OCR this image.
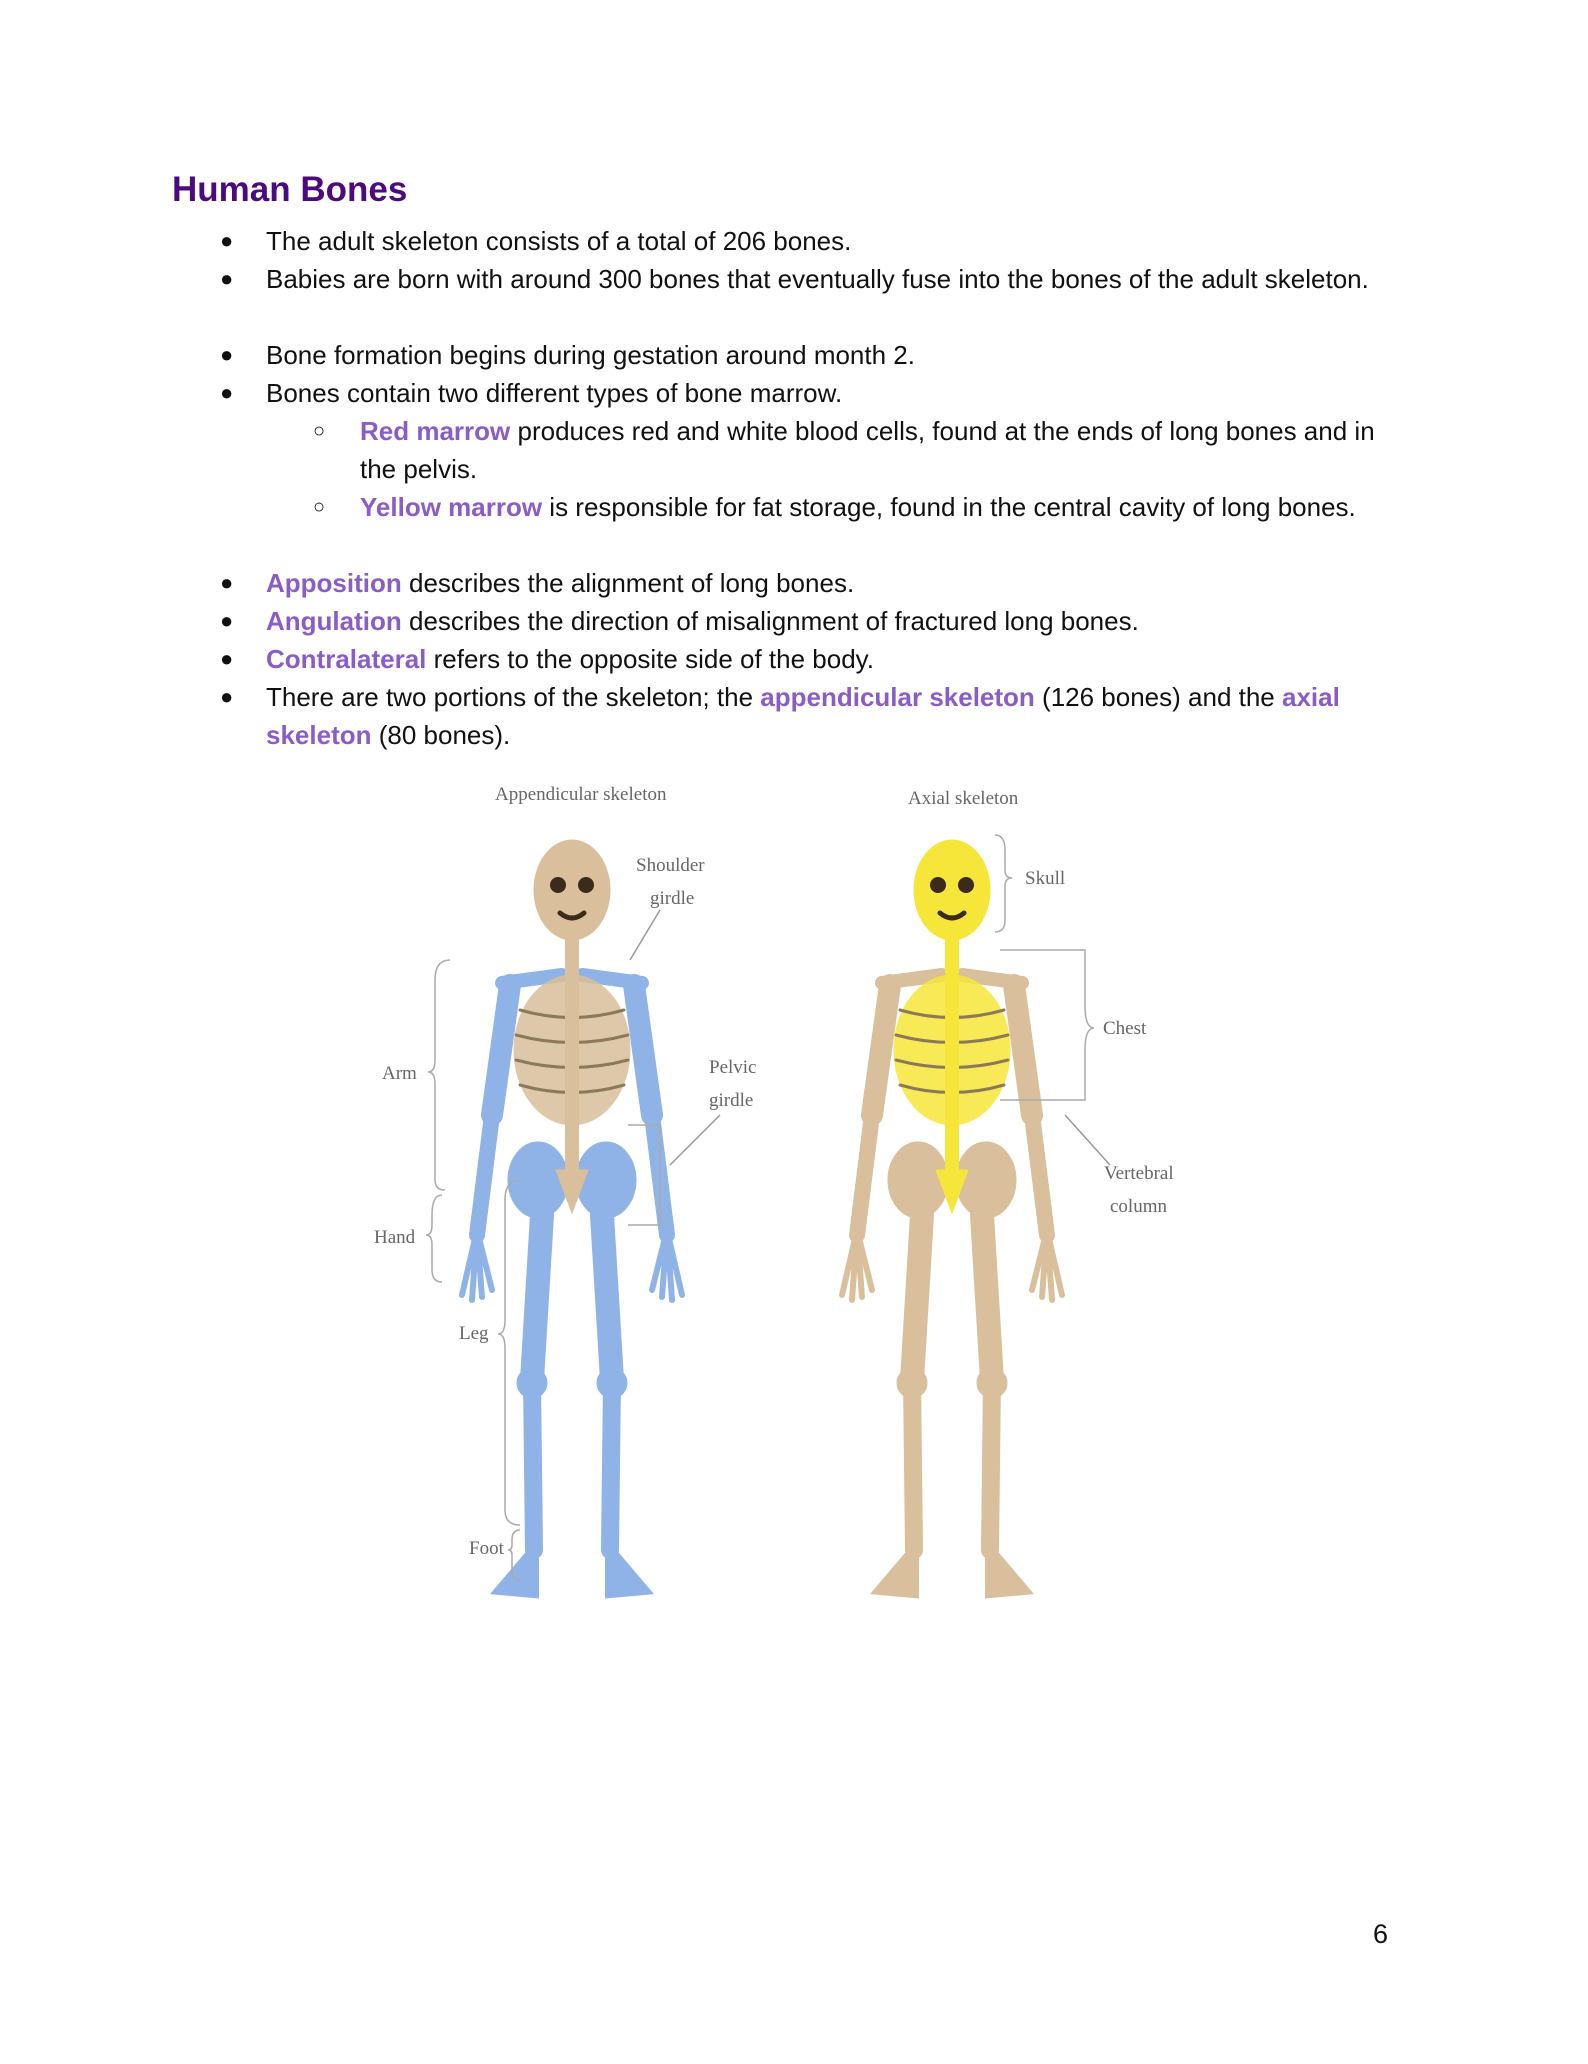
Human Bones
● The adult skeleton consists of a total of 206 bones.
● Babies are born with around 300 bones that eventually fuse into the bones of the adult skeleton.
● Bone formation begins during gestation around month 2.
● Bones contain two different types of bone marrow.
○ Red marrow produces red and white blood cells, found at the ends of long bones and in the pelvis.
○ Yellow marrow is responsible for fat storage, found in the central cavity of long bones.
● Apposition describes the alignment of long bones.
● Angulation describes the direction of misalignment of fractured long bones.
● Contralateral refers to the opposite side of the body.
● There are two portions of the skeleton; the appendicular skeleton (126 bones) and the axial skeleton (80 bones).
Appendicular skeleton	Axial skeleton
Shoulder
girdle
Pelvic
girdle
Arm
Hand
Leg
Foot
Skull
Chest
Vertebral
column
6
